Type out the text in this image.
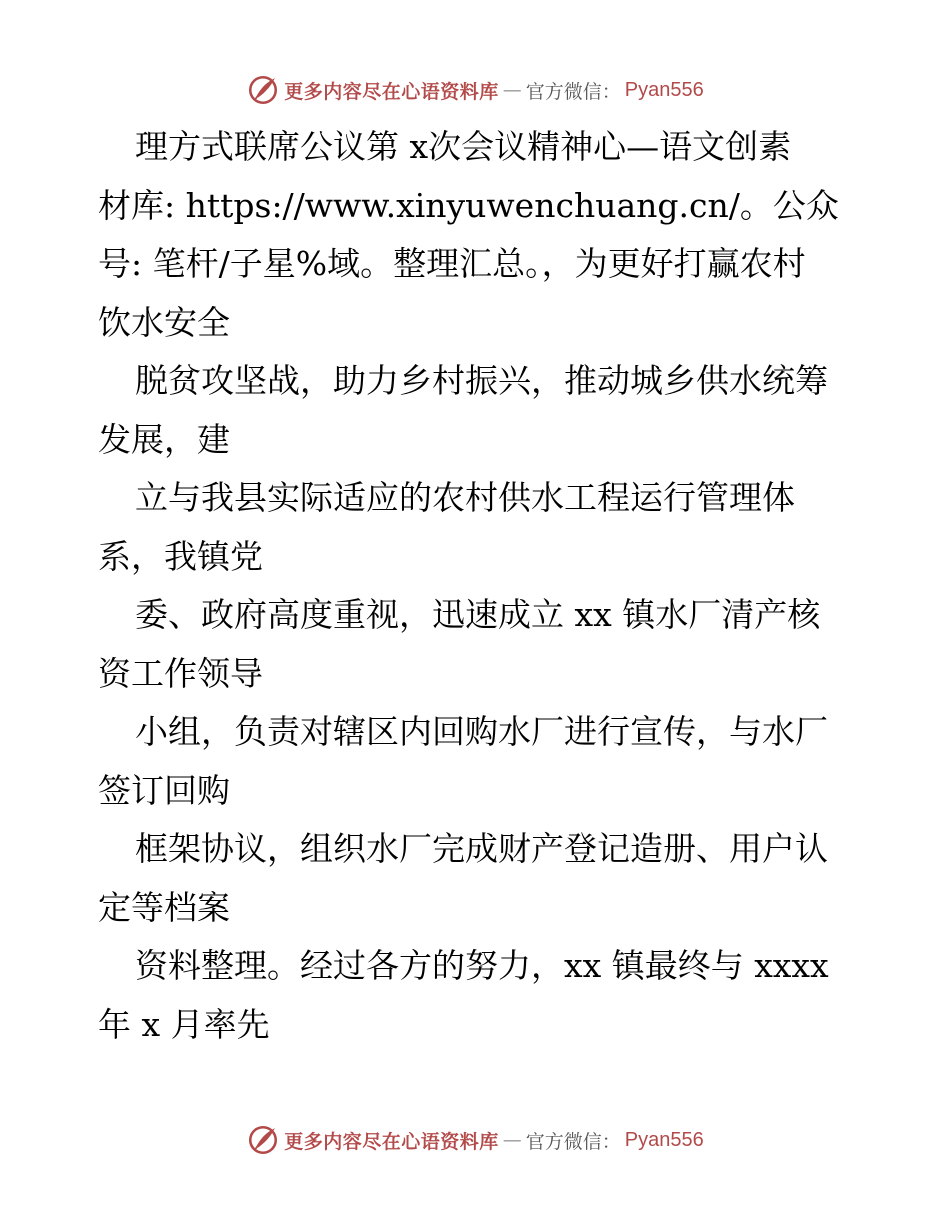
更多内容尽在心语资料库 — 官方微信： Pyan556
理方式联席公议第 x次会议精神心—语文创素
材库: https://www.xinyuwenchuang.cn/。公众
号: 笔杆/子星%域。整理汇总。，为更好打赢农村
饮水安全
脱贫攻坚战，助力乡村振兴，推动城乡供水统筹
发展，建
立与我县实际适应的农村供水工程运行管理体
系，我镇党
委、政府高度重视，迅速成立 xx 镇水厂清产核
资工作领导
小组，负责对辖区内回购水厂进行宣传，与水厂
签订回购
框架协议，组织水厂完成财产登记造册、用户认
定等档案
资料整理。经过各方的努力，xx 镇最终与 xxxx
年 x 月率先
更多内容尽在心语资料库 — 官方微信： Pyan556
